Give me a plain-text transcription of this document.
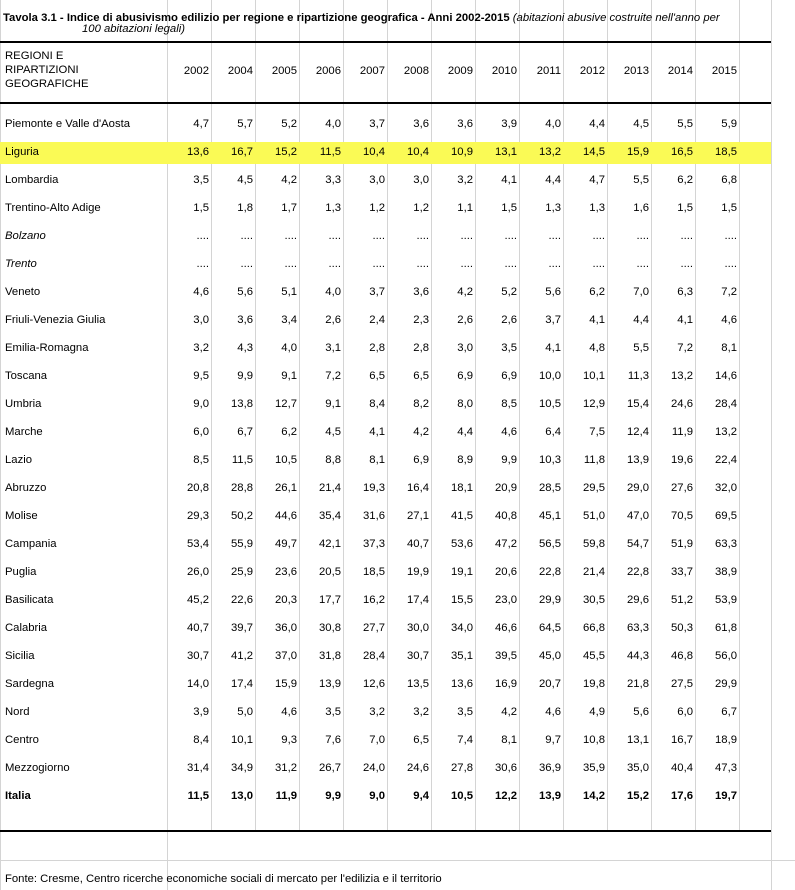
Tavola 3.1 - Indice di abusivismo edilizio per regione e ripartizione geografica - Anni 2002-2015 (abitazioni abusive costruite nell'anno per
100 abitazioni legali)
REGIONI E
RIPARTIZIONI
GEOGRAFICHE
2002	2004	2005	2006	2007	2008	2009	2010	2011	2012	2013	2014	2015
Piemonte e Valle d'Aosta	4,7	5,7	5,2	4,0	3,7	3,6	3,6	3,9	4,0	4,4	4,5	5,5	5,9
Liguria	13,6	16,7	15,2	11,5	10,4	10,4	10,9	13,1	13,2	14,5	15,9	16,5	18,5
Lombardia	3,5	4,5	4,2	3,3	3,0	3,0	3,2	4,1	4,4	4,7	5,5	6,2	6,8
Trentino-Alto Adige	1,5	1,8	1,7	1,3	1,2	1,2	1,1	1,5	1,3	1,3	1,6	1,5	1,5
Bolzano	....	....	....	....	....	....	....	....	....	....	....	....	....
Trento	....	....	....	....	....	....	....	....	....	....	....	....	....
Veneto	4,6	5,6	5,1	4,0	3,7	3,6	4,2	5,2	5,6	6,2	7,0	6,3	7,2
Friuli-Venezia Giulia	3,0	3,6	3,4	2,6	2,4	2,3	2,6	2,6	3,7	4,1	4,4	4,1	4,6
Emilia-Romagna	3,2	4,3	4,0	3,1	2,8	2,8	3,0	3,5	4,1	4,8	5,5	7,2	8,1
Toscana	9,5	9,9	9,1	7,2	6,5	6,5	6,9	6,9	10,0	10,1	11,3	13,2	14,6
Umbria	9,0	13,8	12,7	9,1	8,4	8,2	8,0	8,5	10,5	12,9	15,4	24,6	28,4
Marche	6,0	6,7	6,2	4,5	4,1	4,2	4,4	4,6	6,4	7,5	12,4	11,9	13,2
Lazio	8,5	11,5	10,5	8,8	8,1	6,9	8,9	9,9	10,3	11,8	13,9	19,6	22,4
Abruzzo	20,8	28,8	26,1	21,4	19,3	16,4	18,1	20,9	28,5	29,5	29,0	27,6	32,0
Molise	29,3	50,2	44,6	35,4	31,6	27,1	41,5	40,8	45,1	51,0	47,0	70,5	69,5
Campania	53,4	55,9	49,7	42,1	37,3	40,7	53,6	47,2	56,5	59,8	54,7	51,9	63,3
Puglia	26,0	25,9	23,6	20,5	18,5	19,9	19,1	20,6	22,8	21,4	22,8	33,7	38,9
Basilicata	45,2	22,6	20,3	17,7	16,2	17,4	15,5	23,0	29,9	30,5	29,6	51,2	53,9
Calabria	40,7	39,7	36,0	30,8	27,7	30,0	34,0	46,6	64,5	66,8	63,3	50,3	61,8
Sicilia	30,7	41,2	37,0	31,8	28,4	30,7	35,1	39,5	45,0	45,5	44,3	46,8	56,0
Sardegna	14,0	17,4	15,9	13,9	12,6	13,5	13,6	16,9	20,7	19,8	21,8	27,5	29,9
Nord	3,9	5,0	4,6	3,5	3,2	3,2	3,5	4,2	4,6	4,9	5,6	6,0	6,7
Centro	8,4	10,1	9,3	7,6	7,0	6,5	7,4	8,1	9,7	10,8	13,1	16,7	18,9
Mezzogiorno	31,4	34,9	31,2	26,7	24,0	24,6	27,8	30,6	36,9	35,9	35,0	40,4	47,3
Italia	11,5	13,0	11,9	9,9	9,0	9,4	10,5	12,2	13,9	14,2	15,2	17,6	19,7
Fonte: Cresme, Centro ricerche economiche sociali di mercato per l'edilizia e il territorio
